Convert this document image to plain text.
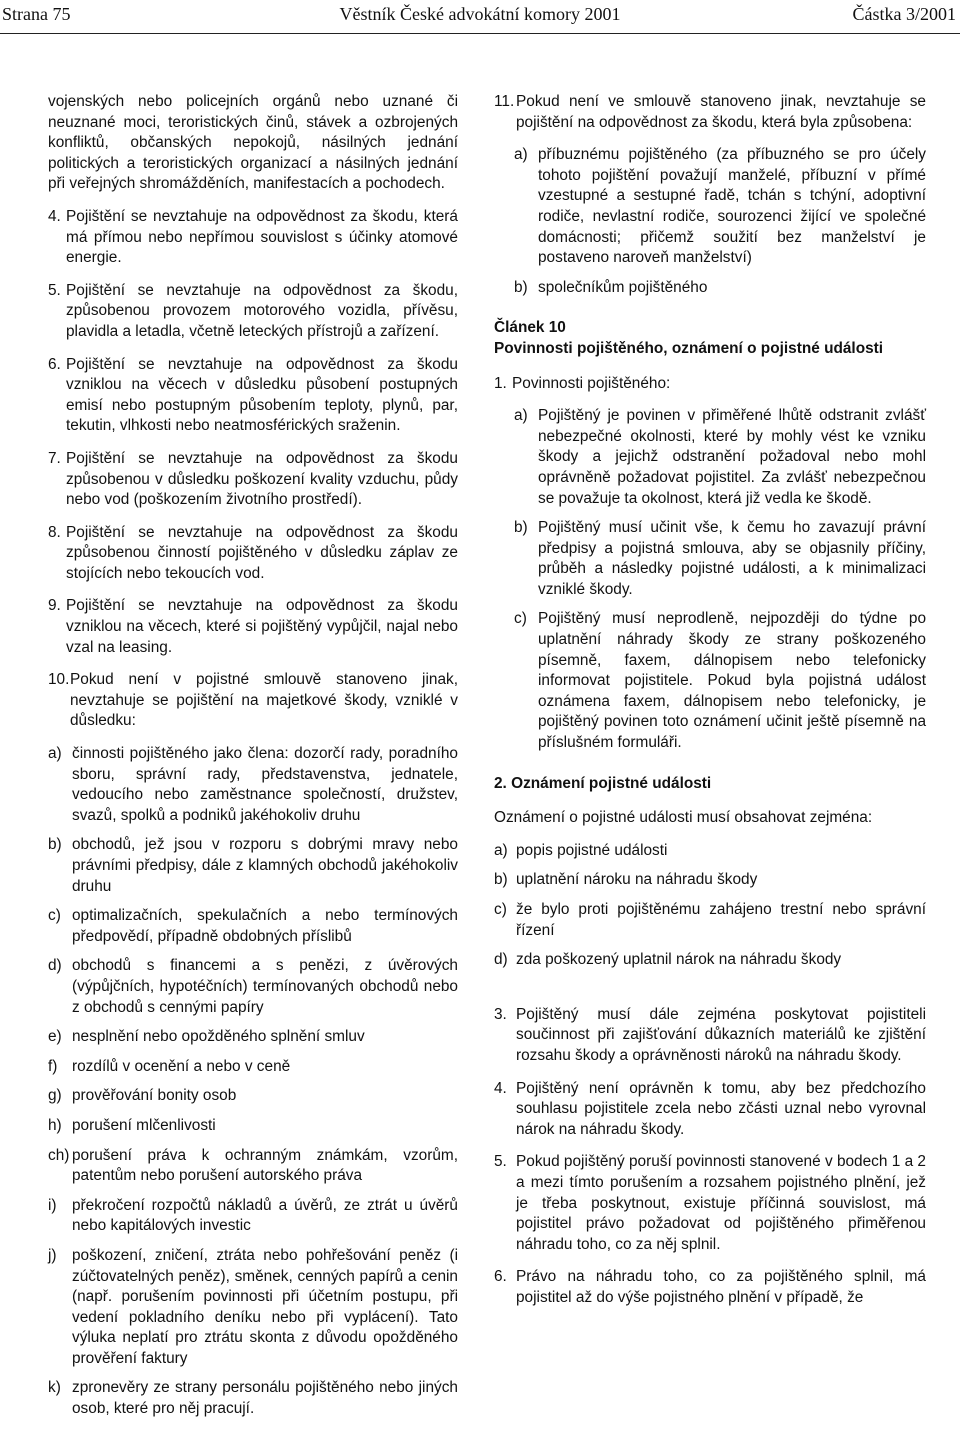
Věstník České advokátní komory 2001
Strana 75	Částka 3/2001

vojenských nebo policejních orgánů nebo uznané či neuznané moci, teroristických činů, stávek a ozbrojených konfliktů, občanských nepokojů, násilných jednání politických a teroristických organizací a násilných jednání při veřejných shromážděních, manifestacích a pochodech.

4. Pojištění se nevztahuje na odpovědnost za škodu, která má přímou nebo nepřímou souvislost s účinky atomové energie.
5. Pojištění se nevztahuje na odpovědnost za škodu, způsobenou provozem motorového vozidla, přívěsu, plavidla a letadla, včetně leteckých přístrojů a zařízení.
6. Pojištění se nevztahuje na odpovědnost za škodu vzniklou na věcech v důsledku působení postupných emisí nebo postupným působením teploty, plynů, par, tekutin, vlhkosti nebo neatmosférických sraženin.
7. Pojištění se nevztahuje na odpovědnost za škodu způsobenou v důsledku poškození kvality vzduchu, půdy nebo vod (poškozením životního prostředí).
8. Pojištění se nevztahuje na odpovědnost za škodu způsobenou činností pojištěného v důsledku záplav ze stojících nebo tekoucích vod.
9. Pojištění se nevztahuje na odpovědnost za škodu vzniklou na věcech, které si pojištěný vypůjčil, najal nebo vzal na leasing.
10. Pokud není v pojistné smlouvě stanoveno jinak, nevztahuje se pojištění na majetkové škody, vzniklé v důsledku:
a) činnosti pojištěného jako člena: dozorčí rady, poradního sboru, správní rady, představenstva, jednatele, vedoucího nebo zaměstnance společností, družstev, svazů, spolků a podniků jakéhokoliv druhu
b) obchodů, jež jsou v rozporu s dobrými mravy nebo právními předpisy, dále z klamných obchodů jakéhokoliv druhu
c) optimalizačních, spekulačních a nebo termínových předpovědí, případně obdobných příslibů
d) obchodů s financemi a s penězi, z úvěrových (výpůjčních, hypotéčních) termínovaných obchodů nebo z obchodů s cennými papíry
e) nesplnění nebo opožděného splnění smluv
f) rozdílů v ocenění a nebo v ceně
g) prověřování bonity osob
h) porušení mlčenlivosti
ch) porušení práva k ochranným známkám, vzorům, patentům nebo porušení autorského práva
i) překročení rozpočtů nákladů a úvěrů, ze ztrát u úvěrů nebo kapitálových investic
j) poškození, zničení, ztráta nebo pohřešování peněz (i zúčtovatelných peněz), směnek, cenných papírů a cenin (např. porušením povinnosti při účetním postupu, při vedení pokladního deníku nebo při vyplácení). Tato výluka neplatí pro ztrátu skonta z důvodu opožděného prověření faktury
k) zpronevěry ze strany personálu pojištěného nebo jiných osob, které pro něj pracují.
11. Pokud není ve smlouvě stanoveno jinak, nevztahuje se pojištění na odpovědnost za škodu, která byla způsobena:
a) příbuznému pojištěného (za příbuzného se pro účely tohoto pojištění považují manželé, příbuzní v přímé vzestupné a sestupné řadě, tchán s tchýní, adoptivní rodiče, nevlastní rodiče, sourozenci žijící ve společné domácnosti; přičemž soužití bez manželství je postaveno naroveň manželství)
b) společníkům pojištěného

Článek 10

Povinnosti pojištěného, oznámení o pojistné události

1. Povinnosti pojištěného:
a) Pojištěný je povinen v přiměřené lhůtě odstranit zvlášť nebezpečné okolnosti, které by mohly vést ke vzniku škody a jejichž odstranění požadoval nebo mohl oprávněně požadovat pojistitel. Za zvlášť nebezpečnou se považuje ta okolnost, která již vedla ke škodě.
b) Pojištěný musí učinit vše, k čemu ho zavazují právní předpisy a pojistná smlouva, aby se objasnily příčiny, průběh a následky pojistné události, a k minimalizaci vzniklé škody.
c) Pojištěný musí neprodleně, nejpozději do týdne po uplatnění náhrady škody ze strany poškozeného písemně, faxem, dálnopisem nebo telefonicky informovat pojistitele. Pokud byla pojistná událost oznámena faxem, dálnopisem nebo telefonicky, je pojištěný povinen toto oznámení učinit ještě písemně na příslušném formuláři.

2. Oznámení pojistné události

Oznámení o pojistné události musí obsahovat zejména:

a) popis pojistné události
b) uplatnění nároku na náhradu škody
c) že bylo proti pojištěnému zahájeno trestní nebo správní řízení
d) zda poškozený uplatnil nárok na náhradu škody
3. Pojištěný musí dále zejména poskytovat pojistiteli součinnost při zajišťování důkazních materiálů ke zjištění rozsahu škody a oprávněnosti nároků na náhradu škody.
4. Pojištěný není oprávněn k tomu, aby bez předchozího souhlasu pojistitele zcela nebo zčásti uznal nebo vyrovnal nárok na náhradu škody.
5. Pokud pojištěný poruší povinnosti stanovené v bodech 1 a 2 a mezi tímto porušením a rozsahem pojistného plnění, jež je třeba poskytnout, existuje příčinná souvislost, má pojistitel právo požadovat od pojištěného přiměřenou náhradu toho, co za něj splnil.
6. Právo na náhradu toho, co za pojištěného splnil, má pojistitel až do výše pojistného plnění v případě, že
